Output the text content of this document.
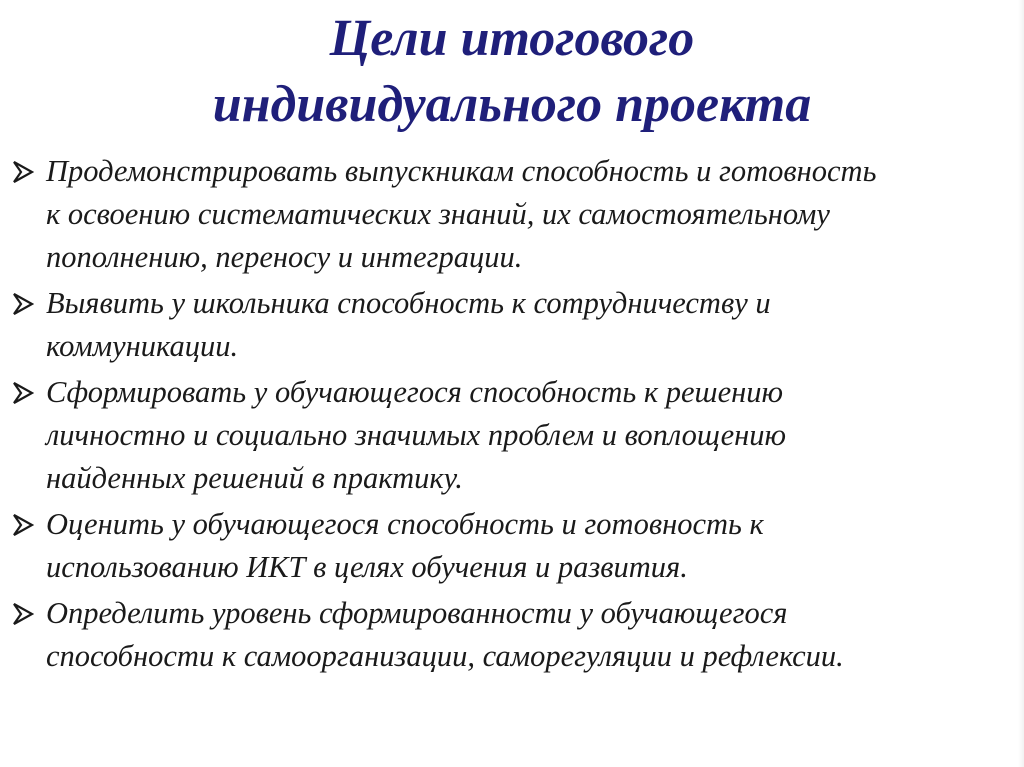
Цели итогового
индивидуального проекта
Продемонстрировать выпускникам способность и готовность
к освоению систематических знаний, их самостоятельному
пополнению, переносу и интеграции.
Выявить у школьника способность к сотрудничеству и
коммуникации.
Сформировать у обучающегося способность к решению
личностно и социально значимых проблем и воплощению
найденных решений в практику.
Оценить у обучающегося способность и готовность к
использованию ИКТ в целях обучения и развития.
Определить уровень сформированности у обучающегося
способности к самоорганизации, саморегуляции и рефлексии.
